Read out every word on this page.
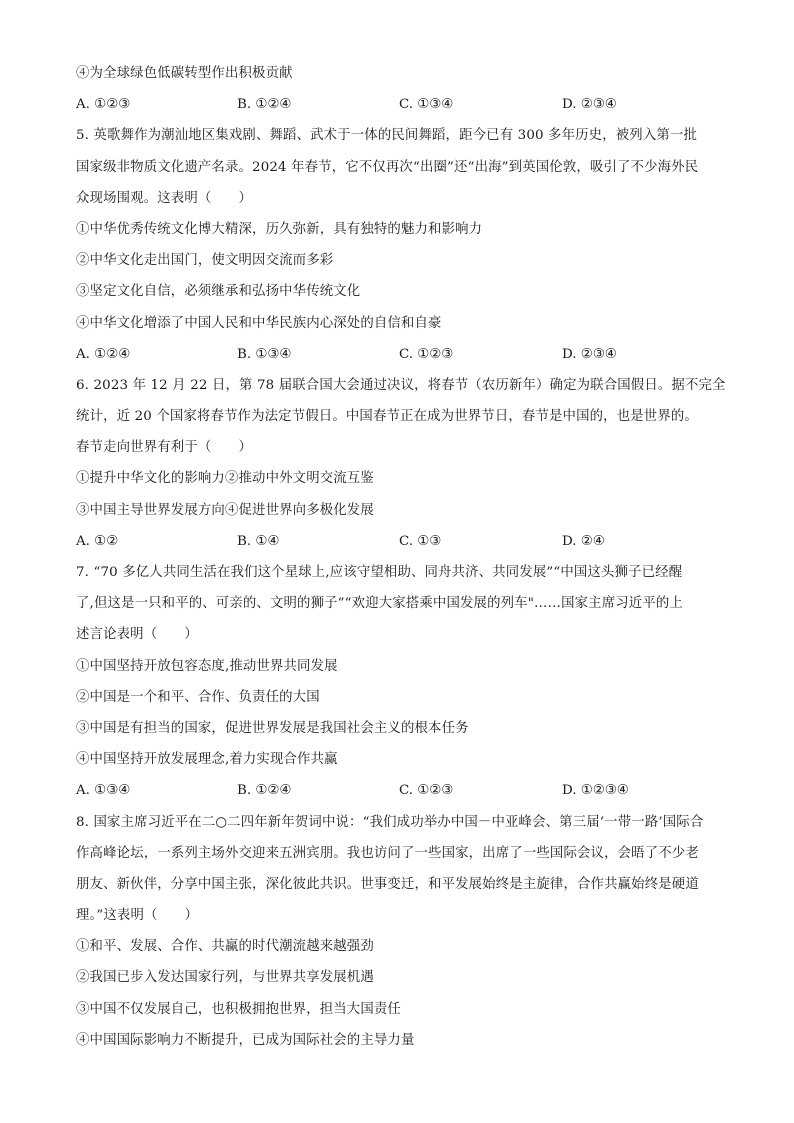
④为全球绿色低碳转型作出积极贡献
A. ①②③	B. ①②④	C. ①③④	D. ②③④
5. 英歌舞作为潮汕地区集戏剧、舞蹈、武术于一体的民间舞蹈，距今已有 300 多年历史，被列入第一批
国家级非物质文化遗产名录。2024 年春节，它不仅再次“出圈”还“出海”到英国伦敦，吸引了不少海外民
众现场围观。这表明（　　）
①中华优秀传统文化博大精深，历久弥新，具有独特的魅力和影响力
②中华文化走出国门，使文明因交流而多彩
③坚定文化自信，必须继承和弘扬中华传统文化
④中华文化增添了中国人民和中华民族内心深处的自信和自豪
A. ①②④	B. ①③④	C. ①②③	D. ②③④
6. 2023 年 12 月 22 日，第 78 届联合国大会通过决议，将春节（农历新年）确定为联合国假日。据不完全
统计，近 20 个国家将春节作为法定节假日。中国春节正在成为世界节日，春节是中国的，也是世界的。
春节走向世界有利于（　　）
①提升中华文化的影响力②推动中外文明交流互鉴
③中国主导世界发展方向④促进世界向多极化发展
A. ①②	B. ①④	C. ①③	D. ②④
7. “70 多亿人共同生活在我们这个星球上,应该守望相助、同舟共济、共同发展”“中国这头狮子已经醒
了,但这是一只和平的、可亲的、文明的狮子”“欢迎大家搭乘中国发展的列车"……国家主席习近平的上
述言论表明（　　）
①中国坚持开放包容态度,推动世界共同发展
②中国是一个和平、合作、负责任的大国
③中国是有担当的国家，促进世界发展是我国社会主义的根本任务
④中国坚持开放发展理念,着力实现合作共赢
A. ①③④	B. ①②④	C. ①②③	D. ①②③④
8. 国家主席习近平在二○二四年新年贺词中说：“我们成功举办中国－中亚峰会、第三届‘一带一路’国际合
作高峰论坛，一系列主场外交迎来五洲宾朋。我也访问了一些国家，出席了一些国际会议，会晤了不少老
朋友、新伙伴，分享中国主张，深化彼此共识。世事变迁，和平发展始终是主旋律，合作共赢始终是硬道
理。”这表明（　　）
①和平、发展、合作、共赢的时代潮流越来越强劲
②我国已步入发达国家行列，与世界共享发展机遇
③中国不仅发展自己，也积极拥抱世界，担当大国责任
④中国国际影响力不断提升，已成为国际社会的主导力量
